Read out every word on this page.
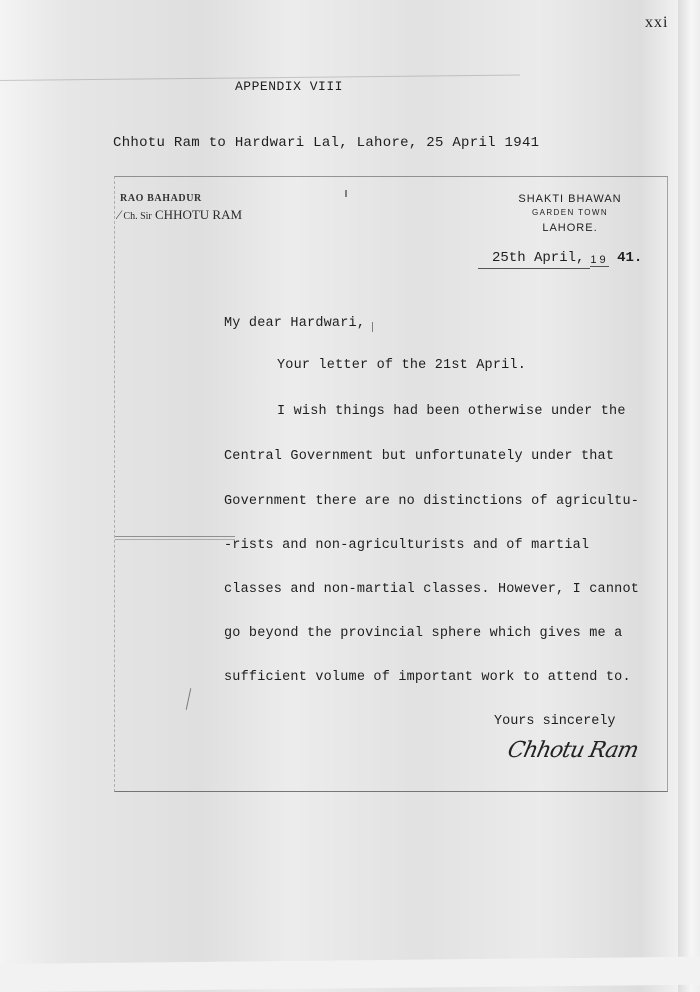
xxi
APPENDIX VIII
Chhotu Ram to Hardwari Lal, Lahore, 25 April 1941
RAO BAHADUR
⁄ Ch. Sir CHHOTU RAM
SHAKTI BHAWAN
GARDEN TOWN
LAHORE.
25th April, 19 41.
My dear Hardwari,
Your letter of the 21st April.
I wish things had been otherwise under the
Central Government but unfortunately under that
Government there are no distinctions of agricultu-
-rists and non-agriculturists and of martial
classes and non-martial classes. However, I cannot
go beyond the provincial sphere which gives me a
sufficient volume of important work to attend to.
Yours sincerely
Chhotu Ram
